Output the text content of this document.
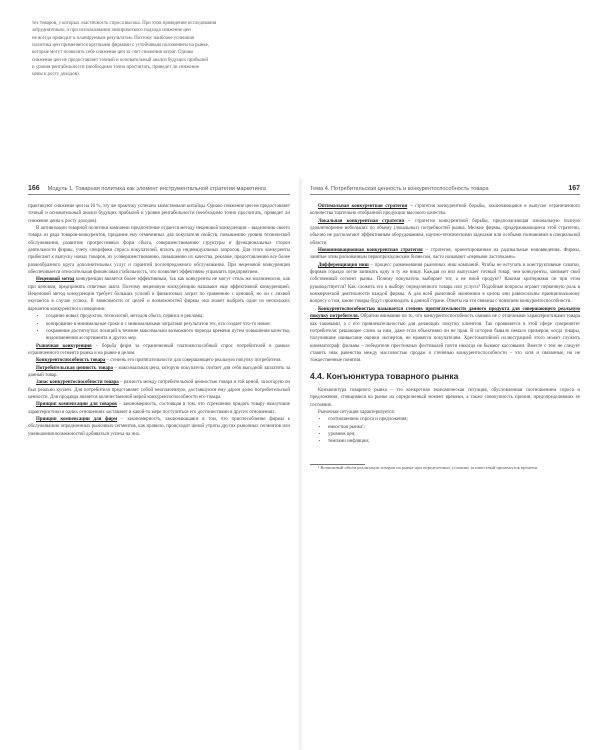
тех товаров, у которых эластичность спроса высока. При этом проведение исследования

затруднительно, а при использовании эмпирического подхода снижение цен

не всегда приводит к планируемым результатам. Поэтому наиболее успешная

политика цен применяется крупными фирмами с устойчивым положением на рынке,

которые могут позволить себе снижение цен за счет снижения затрат. Однако

снижение цен не предоставляет точный и основательный анализ будущих прибылей

и уровня рентабельности (необходимо точно просчитать, приведет ли снижение

цены к росту доходов).

166 Модуль 1. Товарная политика как элемент инструментальной стратегии маркетинга

практикуют снижение цен на 10 %, эту же практику успешно заимствовали китайцы. Однако снижение цен не предоставляет точный и основательный анализ будущих прибылей и уровня рентабельности (необходимо точно просчитать, приведет ли снижение цены к росту доходов).

В активизации товарной политики компании предпочтение отдается методу неценовой конкуренции – выделению своего товара из ряда товаров-конкурентов, придание ему отмеченных для покупателя свойств, повышению уровня технической обслуживания, развитию прогрессивных форм сбыта, совершенствованию структуры и функциональных сторон деятельности фирмы, учету специфики спроса покупателей, вплоть до индивидуальных запросов. Для этого конкуренты прибегают к выпуску новых товаров, их усовершенствованию, повышению их качества, рекламе, предоставлению все более разнообразного круга дополнительных услуг и гарантий послепродажного обслуживания. При неценовой конкуренции обеспечивается относительная финансовая стабильность, что позволяет эффективно управлять предприятием.

Неценовой метод конкуренции является более эффективным, так как конкуренты не могут столь же молниеносно, как при ценовом, предпринять ответные шаги. Поэтому неценовую конкуренцию называют еще эффективной конкуренцией. Неценовой метод конкуренции требует больших усилий и финансовых затрат по сравнению с ценовой, но он с лихвой окупается в случае успеха. В зависимости от целей и возможностей фирмы она может выбрать один из нескольких вариантов конкурентного поведения:

• создание новых продуктов, технологий, методов сбыта, сервиса и рекламы;
• копирование в минимальные сроки и с минимальными затратами результатов тех, кто создает что-то новое;
• сохранение достигнутых позиций в течение максимально возможного периода времени путем повышения качества, видоизменения ассортимента и других мер.

Рыночная конкуренция – борьба фирм за ограниченный платежеспособный спрос потребителей в рамках ограниченного сегмента рынка и на рынке в целом.

Конкурентоспособность товара – степень его притягательности для совершающего реальную покупку потребителя.

Потребительская ценность товара – максимальная цена, которую покупатель считает для себя выгодной заплатить за данный товар.

Запас конкурентоспособности товара – разность между потребительской ценностью товара и той ценой, за которую он был реально куплен. Для потребителя представляет собой неоплаченную, доставшуюся ему даром долю потребительской ценности. Для продавца является количественной мерой конкурентоспособности его товара.

Принцип компенсации для товаров – закономерность, состоящая в том, что стремление придать товару наилучшие характеристики в одних отношениях заставляет в какой-то мере поступиться его достоинствами в других отношениях.

Принцип компенсации для фирм – закономерность, заключающаяся в том, что приспособление фирмы к обслуживанию определенных рыночных сегментов, как правило, происходит ценой утраты других рыночных сегментов или уменьшения возможностей добиваться успеха на них.

Тема 4. Потребительская ценность и конкурентоспособность товара	167

Оптимальная конкурентная стратегия – стратегия конкурентной борьбы, заключающаяся в выпуске ограниченного количества тщательно отобранной продукции высокого качества.

Локальная конкурентная стратегия – стратегия конкурентной борьбы, предполагающая изначальную полную удовлетворение небольших по объему (локальных) потребностей рынка. Мелкие фирмы, придерживающиеся этой стратегии, обычно не располагают эффективным оборудованием, научно-техническими заделами или особыми познаниями в специальной области.

Новоинновационная конкурентная стратегия – стратегия, ориентированная на радикальные нововведения. Фирмы, занятые этим рискованным первопроходческим бизнесом, часто называют «первыми ласточками».

Дифференциация ниш – процесс размежевания рыночных ниш компаний. Чтобы не вступать в конструктивные схватки, фирмам гораздо легче занимать одну и ту же нишу. Каждая из них выпускает точный товар, чем конкуренты, занимает свой собственный сегмент рынка. Почему покупатель выбирает тот, а не иной продукт? Какими критериями он при этом руководствуется? Как сложить его к выбору определенного товара или услуги? Подобные вопросы играют первичную роль в коммерческой деятельности каждой фирмы. А для всей рыночной экономики в целом они равносильны принципиальному вопросу о том, какие товары будут производить в данной стране. Ответы на эти связаны с понятием конкурентоспособности.

Конкурентоспособностью называется степень притягательности данного продукта для совершающего реальную покупку потребителя. Обратим внимание на то, что конкурентоспособность связана не с отличными характеристиками товара как таковыми, а с его привлекательностью для делающих покупку клиентов. Так проявляется в этой сфере суверенитет потребителя: решающее слово за ним, даже если объективно он не прав. В истории бывало немало примеров, когда товары, получившие наивысшие оценки экспертов, не нравятся покупателям. Хрестоматийной иллюстрацией этого может служить кинематограф: фильмы – победители престижных фестивалей почти никогда не бывают кассовыми. Вместе с тем не следует ставить знак равенства между массовостью продаж и степенью конкурентоспособности – это хотя и связанные, но не тождественные понятия.

4.4. Конъюнктура товарного рынка

Конъюнктура товарного рынка – это конкретная экономическая ситуация, обусловленная соотношением спроса и предложения, стоящимися на рынке на определенный момент времени, а также совокупность причин, предопределивших ее состояние.

Рыночная ситуация характеризуется:

• соотношением спроса и предложения;
• емкостью рынка¹;
• уровнем цен;
• темпами инфляции;

¹ Возможный объем реализации товаров на рынке при определенных условиях за известный промежуток времени.
